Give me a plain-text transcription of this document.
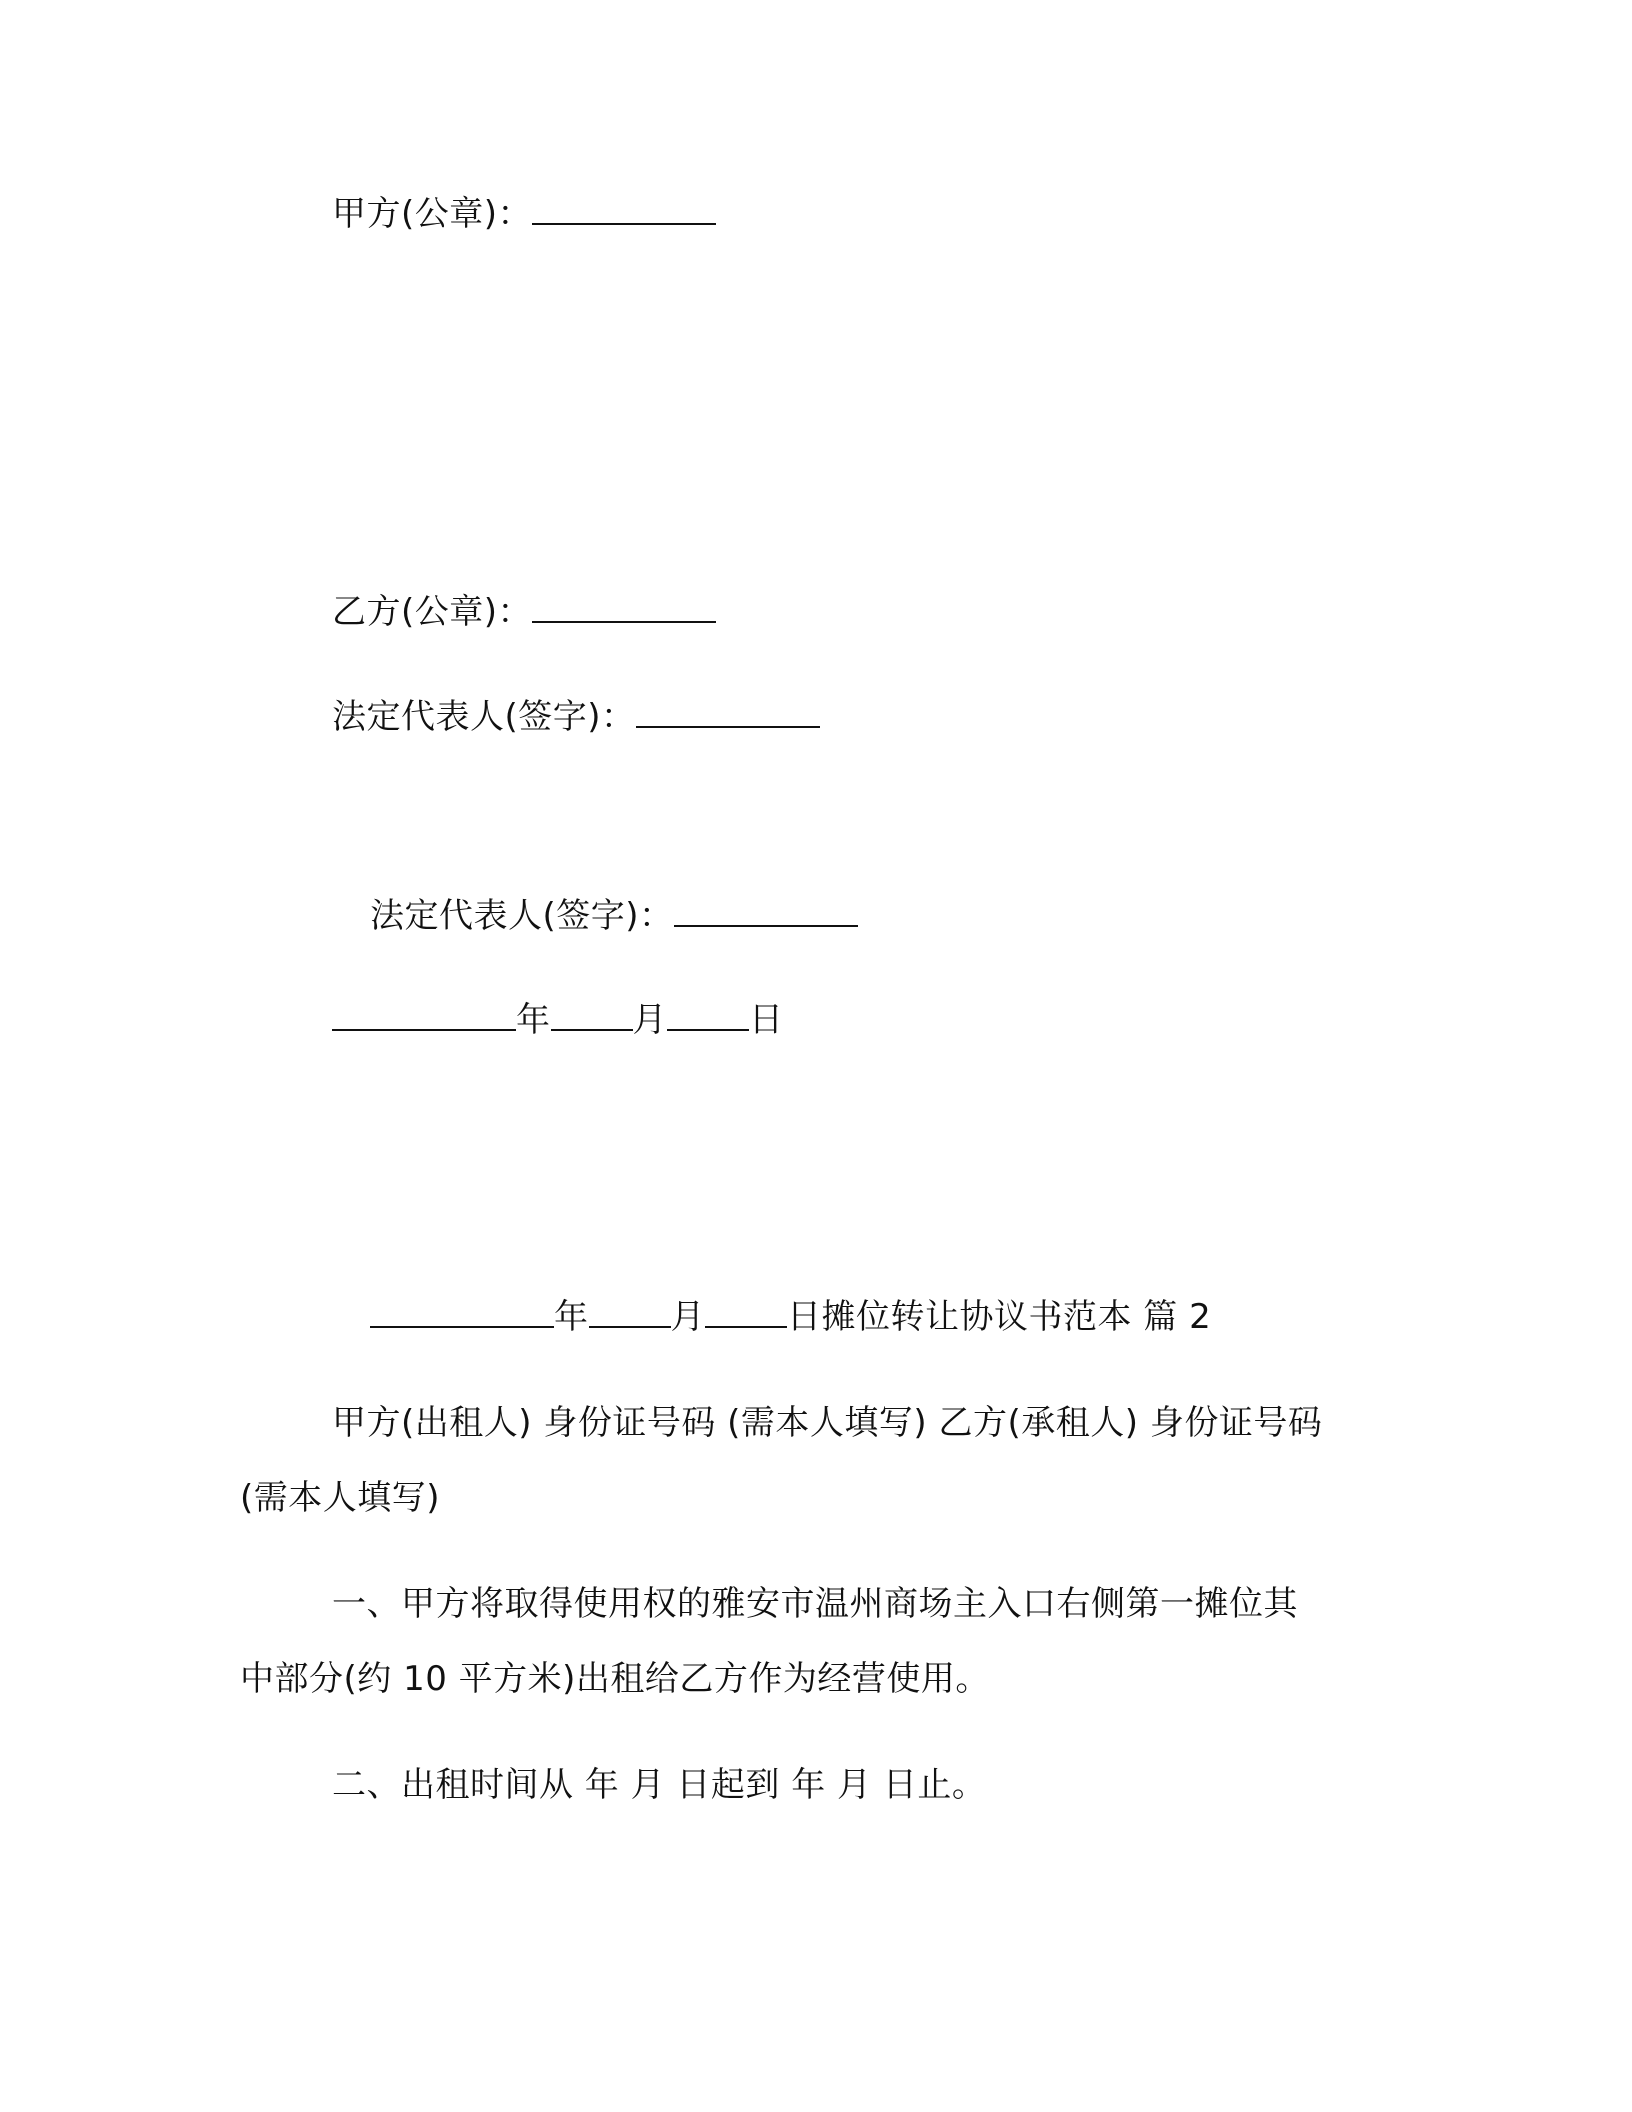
甲方(公章)：
乙方(公章)：
法定代表人(签字)：
法定代表人(签字)：
年 月 日
年 月 日摊位转让协议书范本 篇 2
甲方(出租人) 身份证号码 (需本人填写) 乙方(承租人) 身份证号码
(需本人填写)
一、甲方将取得使用权的雅安市温州商场主入口右侧第一摊位其
中部分(约 10 平方米)出租给乙方作为经营使用。
二、出租时间从 年 月 日起到 年 月 日止。
